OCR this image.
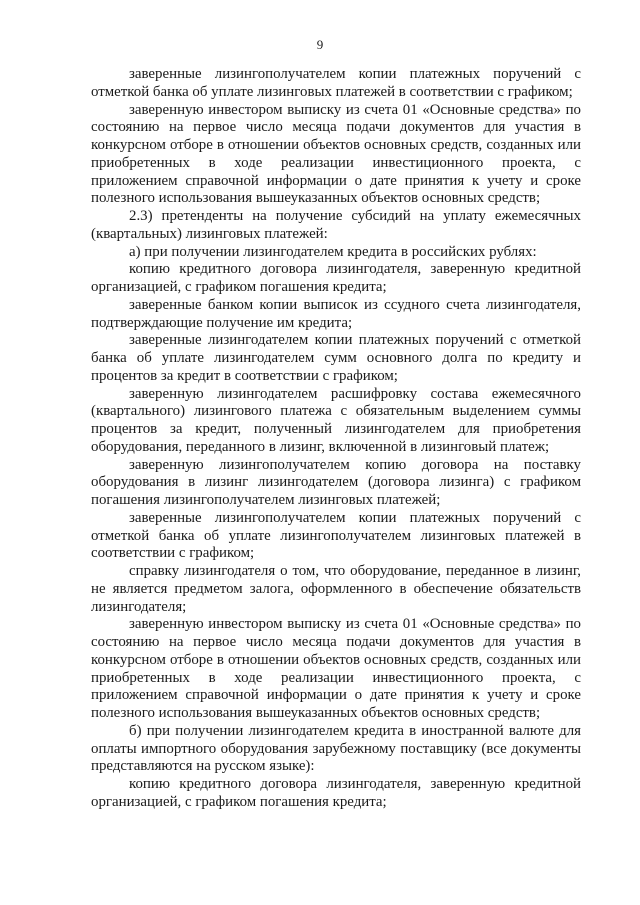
9

заверенные лизингополучателем копии платежных поручений с отметкой банка об уплате лизинговых платежей в соответствии с графиком;

заверенную инвестором выписку из счета 01 «Основные средства» по состоянию на первое число месяца подачи документов для участия в конкурсном отборе в отношении объектов основных средств, созданных или приобретенных в ходе реализации инвестиционного проекта, с приложением справочной информации о дате принятия к учету и сроке полезного использования вышеуказанных объектов основных средств;

2.3) претенденты на получение субсидий на уплату ежемесячных (квартальных) лизинговых платежей:

а) при получении лизингодателем кредита в российских рублях:

копию кредитного договора лизингодателя, заверенную кредитной организацией, с графиком погашения кредита;

заверенные банком копии выписок из ссудного счета лизингодателя, подтверждающие получение им кредита;

заверенные лизингодателем копии платежных поручений с отметкой банка об уплате лизингодателем сумм основного долга по кредиту и процентов за кредит в соответствии с графиком;

заверенную лизингодателем расшифровку состава ежемесячного (квартального) лизингового платежа с обязательным выделением суммы процентов за кредит, полученный лизингодателем для приобретения оборудования, переданного в лизинг, включенной в лизинговый платеж;

заверенную лизингополучателем копию договора на поставку оборудования в лизинг лизингодателем (договора лизинга) с графиком погашения лизингополучателем лизинговых платежей;

заверенные лизингополучателем копии платежных поручений с отметкой банка об уплате лизингополучателем лизинговых платежей в соответствии с графиком;

справку лизингодателя о том, что оборудование, переданное в лизинг, не является предметом залога, оформленного в обеспечение обязательств лизингодателя;

заверенную инвестором выписку из счета 01 «Основные средства» по состоянию на первое число месяца подачи документов для участия в конкурсном отборе в отношении объектов основных средств, созданных или приобретенных в ходе реализации инвестиционного проекта, с приложением справочной информации о дате принятия к учету и сроке полезного использования вышеуказанных объектов основных средств;

б) при получении лизингодателем кредита в иностранной валюте для оплаты импортного оборудования зарубежному поставщику (все документы представляются на русском языке):

копию кредитного договора лизингодателя, заверенную кредитной организацией, с графиком погашения кредита;
